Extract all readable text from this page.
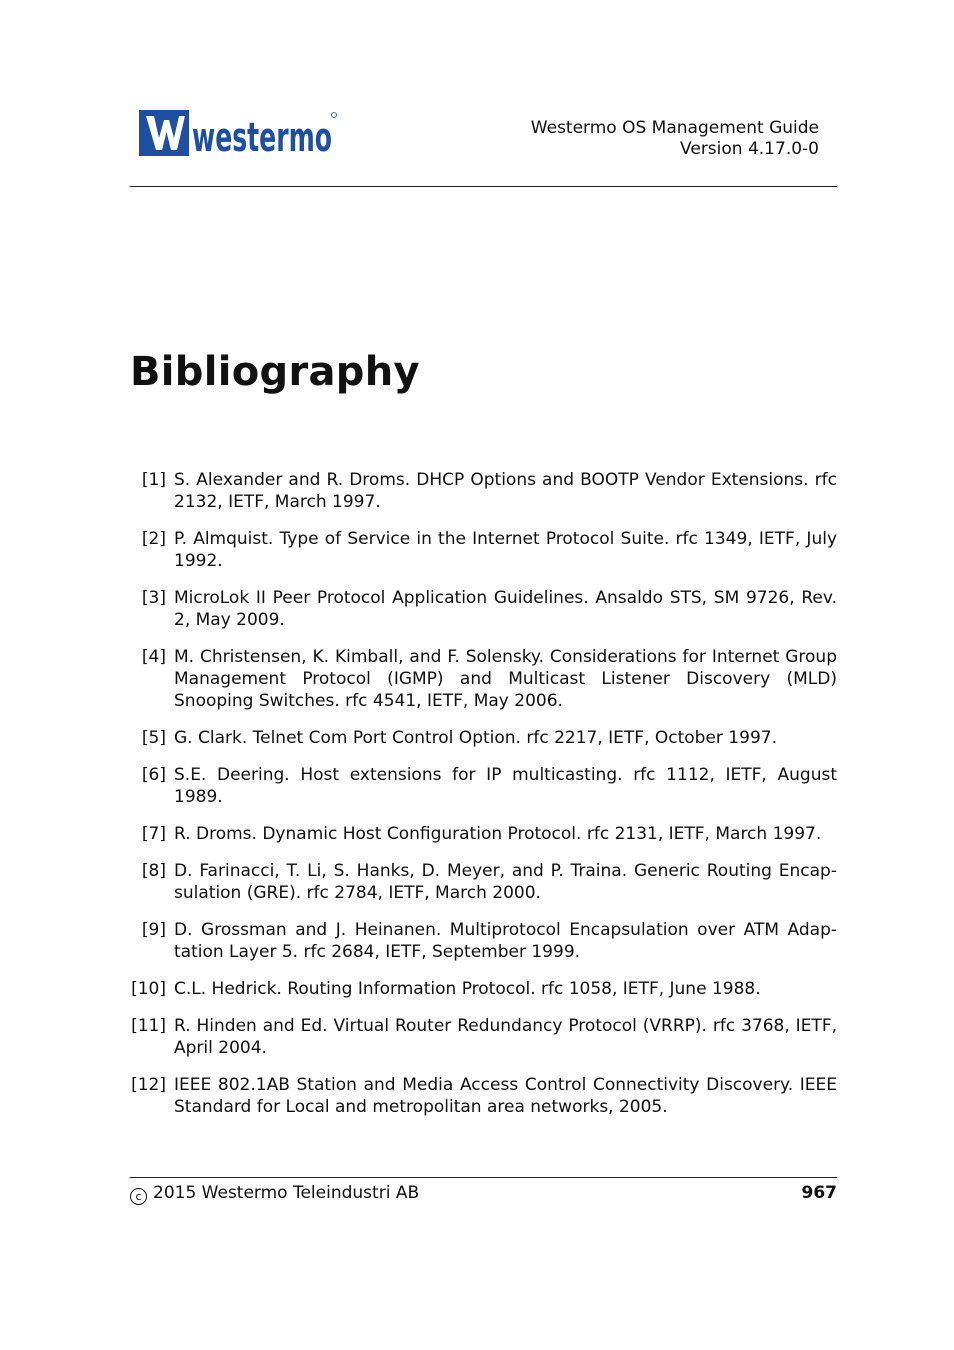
westermo	Westermo OS Management Guide
Version 4.17.0-0
Bibliography
[1] S. Alexander and R. Droms. DHCP Options and BOOTP Vendor Extensions. rfc 2132, IETF, March 1997.
[2] P. Almquist. Type of Service in the Internet Protocol Suite. rfc 1349, IETF, July 1992.
[3] MicroLok II Peer Protocol Application Guidelines. Ansaldo STS, SM 9726, Rev. 2, May 2009.
[4] M. Christensen, K. Kimball, and F. Solensky. Considerations for Internet Group Management Protocol (IGMP) and Multicast Listener Discovery (MLD) Snooping Switches. rfc 4541, IETF, May 2006.
[5] G. Clark. Telnet Com Port Control Option. rfc 2217, IETF, October 1997.
[6] S.E. Deering. Host extensions for IP multicasting. rfc 1112, IETF, August 1989.
[7] R. Droms. Dynamic Host Configuration Protocol. rfc 2131, IETF, March 1997.
[8] D. Farinacci, T. Li, S. Hanks, D. Meyer, and P. Traina. Generic Routing Encap-sulation (GRE). rfc 2784, IETF, March 2000.
[9] D. Grossman and J. Heinanen. Multiprotocol Encapsulation over ATM Adap-tation Layer 5. rfc 2684, IETF, September 1999.
[10] C.L. Hedrick. Routing Information Protocol. rfc 1058, IETF, June 1988.
[11] R. Hinden and Ed. Virtual Router Redundancy Protocol (VRRP). rfc 3768, IETF, April 2004.
[12] IEEE 802.1AB Station and Media Access Control Connectivity Discovery. IEEE Standard for Local and metropolitan area networks, 2005.
c 2015 Westermo Teleindustri AB	967
